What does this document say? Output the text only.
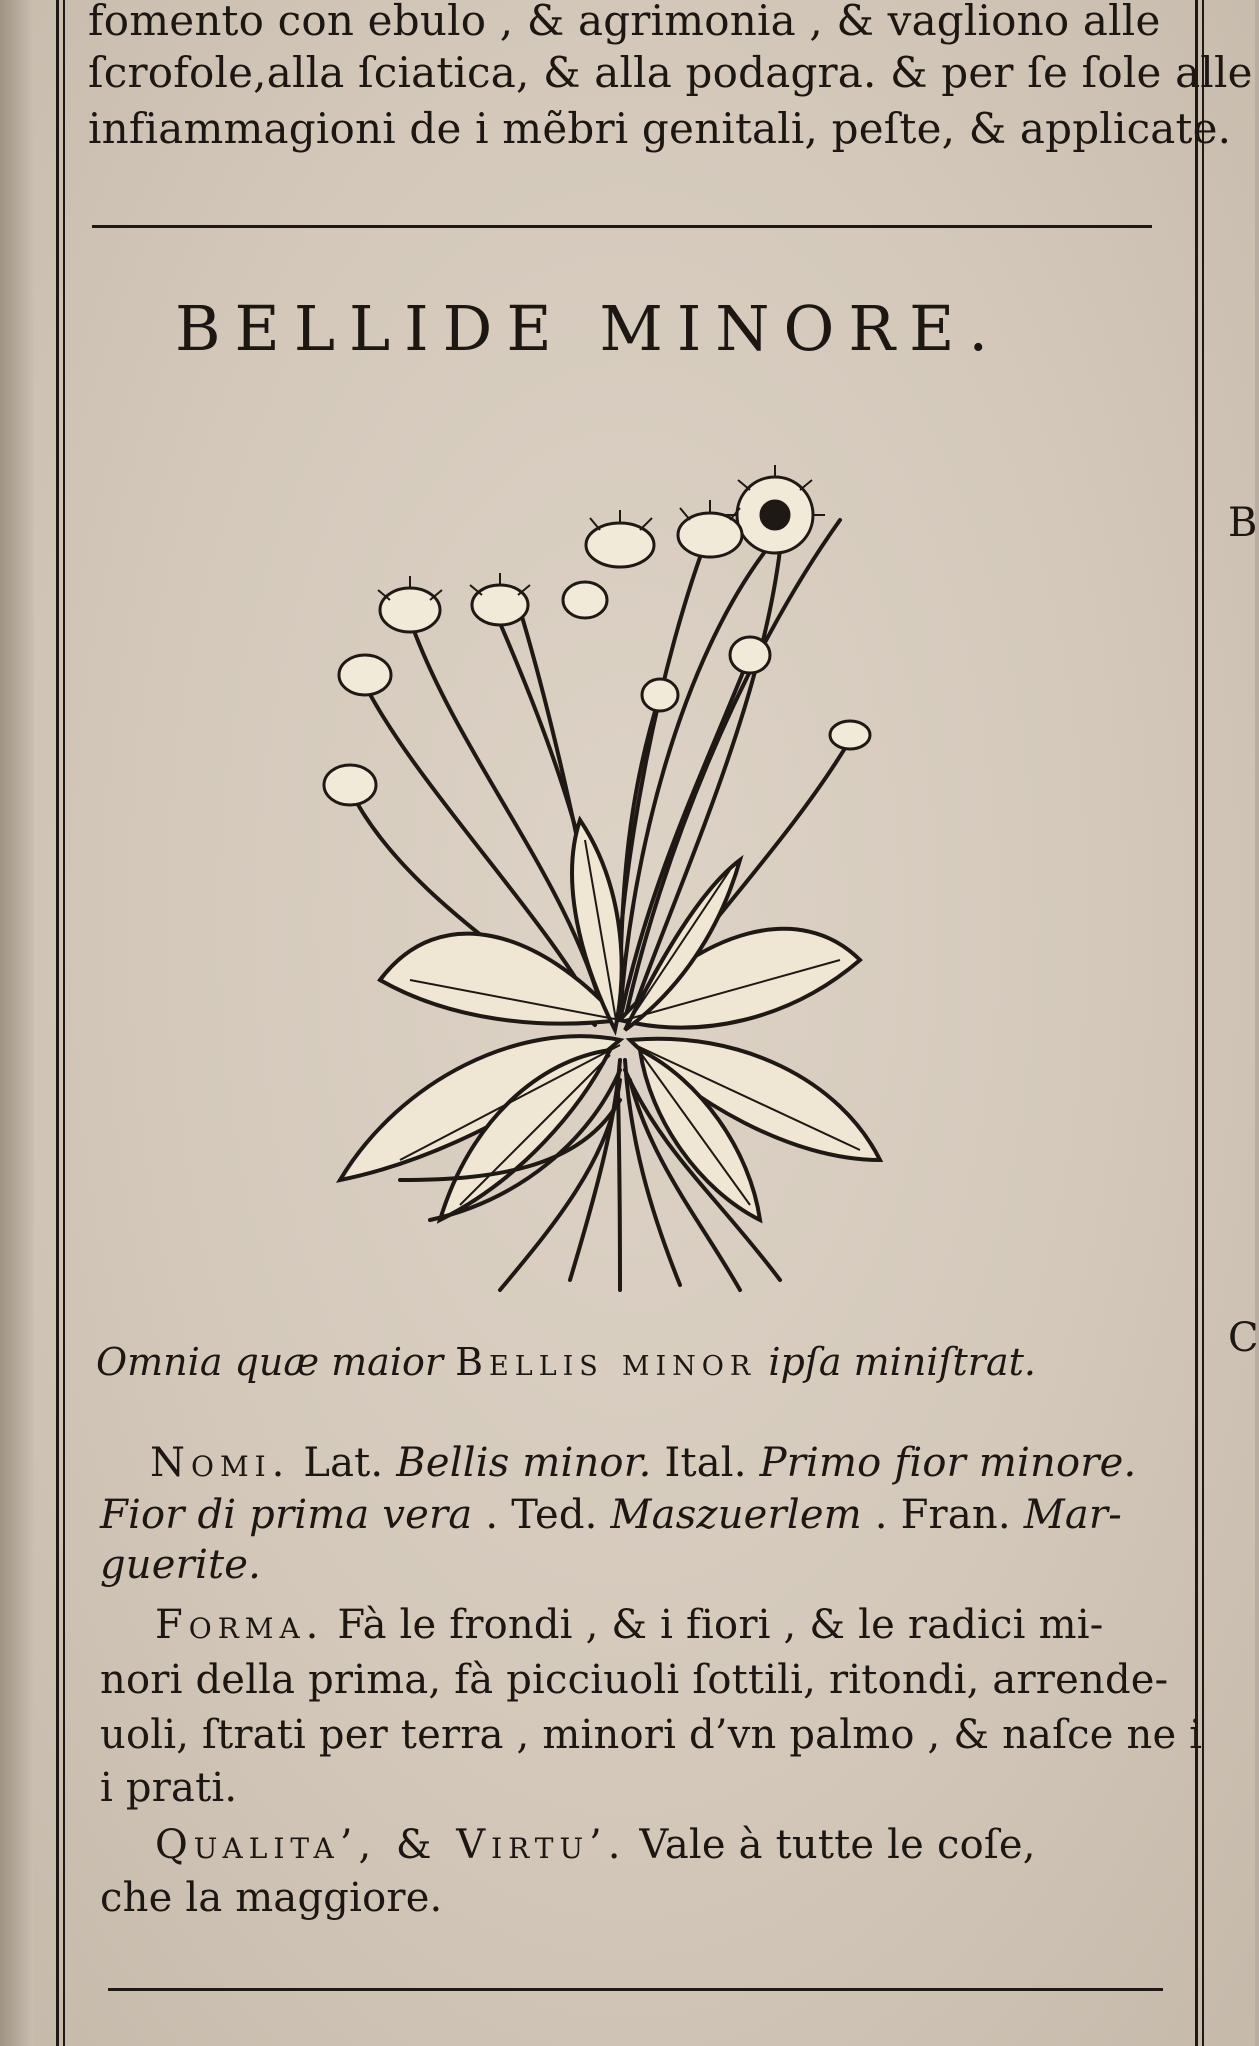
fomento con ebulo , & agrimonia , & vagliono alle
ſcrofole,alla ſciatica, & alla podagra. & per ſe ſole alle
infiammagioni de i mẽbri genitali, peſte, & applicate.
BELLIDE MINORE.
Omnia quæ maior Bellis minor ipſa miniſtrat.
Nomi. Lat. Bellis minor. Ital. Primo fior minore.
Fior di prima vera . Ted. Maszuerlem . Fran. Mar-
guerite.
Forma. Fà le frondi , & i fiori , & le radici mi-
nori della prima, fà picciuoli ſottili, ritondi, arrende-
uoli, ſtrati per terra , minori d’vn palmo , & naſce ne i
i prati.
Qualita’, & Virtu’. Vale à tutte le coſe,
che la maggiore.
B
C
